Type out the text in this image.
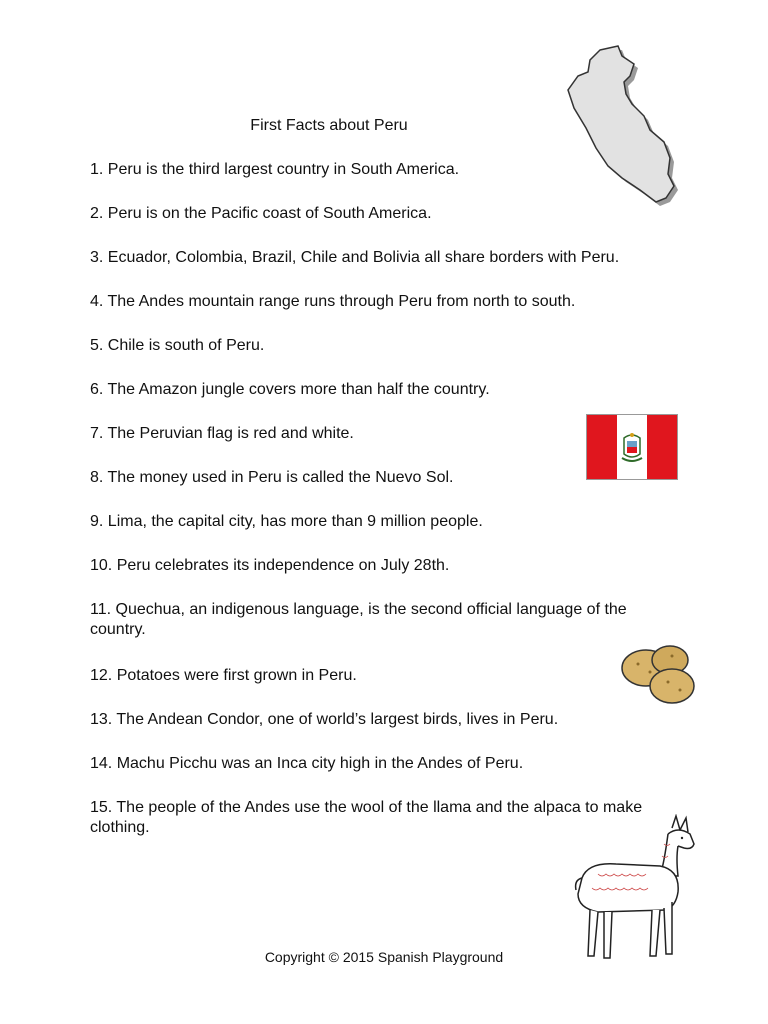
First Facts about Peru
1. Peru is the third largest country in South America.
2. Peru is on the Pacific coast of South America.
3. Ecuador, Colombia, Brazil, Chile and Bolivia all share borders with Peru.
4. The Andes mountain range runs through Peru from north to south.
5. Chile is south of Peru.
6. The Amazon jungle covers more than half the country.
7. The Peruvian flag is red and white.
8. The money used in Peru is called the Nuevo Sol.
9. Lima, the capital city, has more than 9 million people.
10. Peru celebrates its independence on July 28th.
11. Quechua, an indigenous language, is the second official language of the country.
12. Potatoes were first grown in Peru.
13. The Andean Condor, one of world’s largest birds, lives in Peru.
14. Machu Picchu was an Inca city high in the Andes of Peru.
15. The people of the Andes use the wool of the llama and the alpaca to make clothing.
Copyright © 2015 Spanish Playground
